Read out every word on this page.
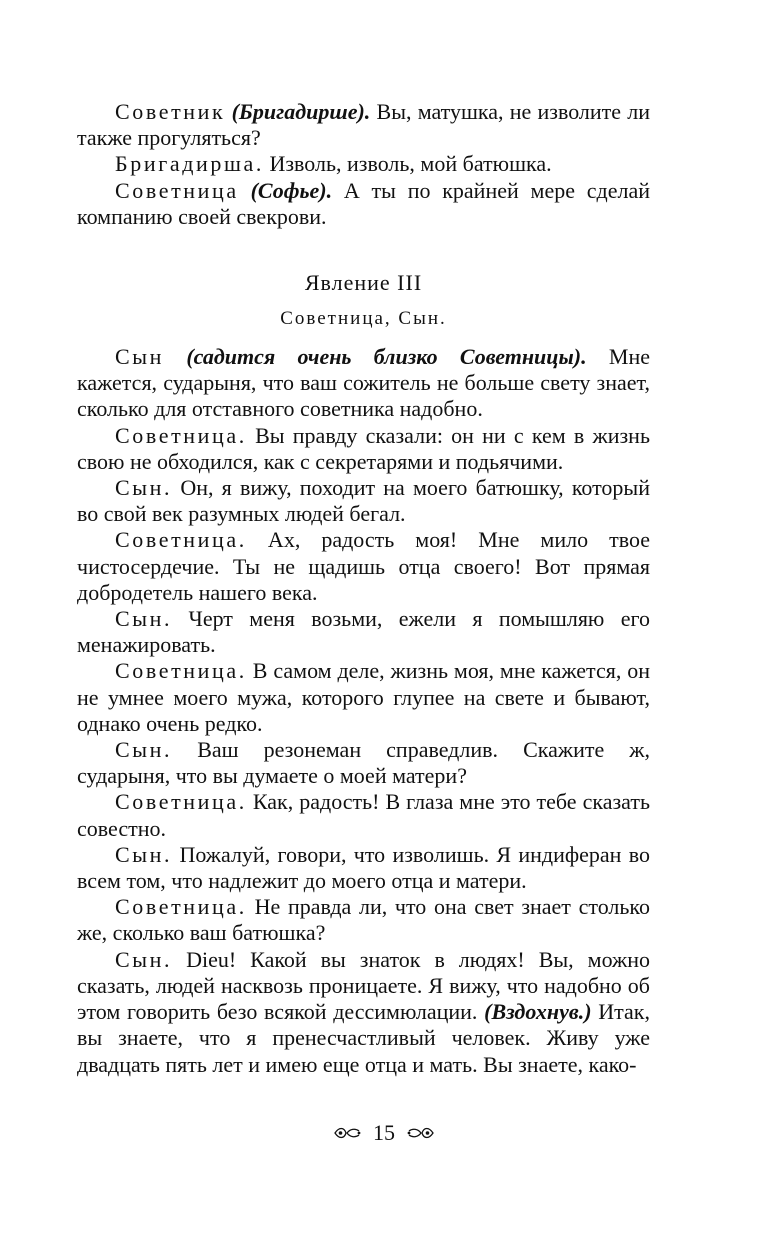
Советник (Бригадирше). Вы, матушка, не изволите ли также прогуляться?

Бригадирша. Изволь, изволь, мой батюшка.

Советница (Софье). А ты по крайней мере сделай компанию своей свекрови.

Явление III

Советница, Сын.

Сын (садится очень близко Советницы). Мне кажется, сударыня, что ваш сожитель не больше свету знает, сколько для отставного советника надобно.

Советница. Вы правду сказали: он ни с кем в жизнь свою не обходился, как с секретарями и подьячими.

Сын. Он, я вижу, походит на моего батюшку, который во свой век разумных людей бегал.

Советница. Ах, радость моя! Мне мило твое чистосердечие. Ты не щадишь отца своего! Вот прямая добродетель нашего века.

Сын. Черт меня возьми, ежели я помышляю его менажировать.

Советница. В самом деле, жизнь моя, мне кажется, он не умнее моего мужа, которого глупее на свете и бывают, однако очень редко.

Сын. Ваш резонеман справедлив. Скажите ж, сударыня, что вы думаете о моей матери?

Советница. Как, радость! В глаза мне это тебе сказать совестно.

Сын. Пожалуй, говори, что изволишь. Я индиферан во всем том, что надлежит до моего отца и матери.

Советница. Не правда ли, что она свет знает столько же, сколько ваш батюшка?

Сын. Dieu! Какой вы знаток в людях! Вы, можно сказать, людей насквозь проницаете. Я вижу, что надобно об этом говорить безо всякой дессимюлации. (Вздохнув.) Итак, вы знаете, что я пренесчастливый человек. Живу уже двадцать пять лет и имею еще отца и мать. Вы знаете, како-

15
